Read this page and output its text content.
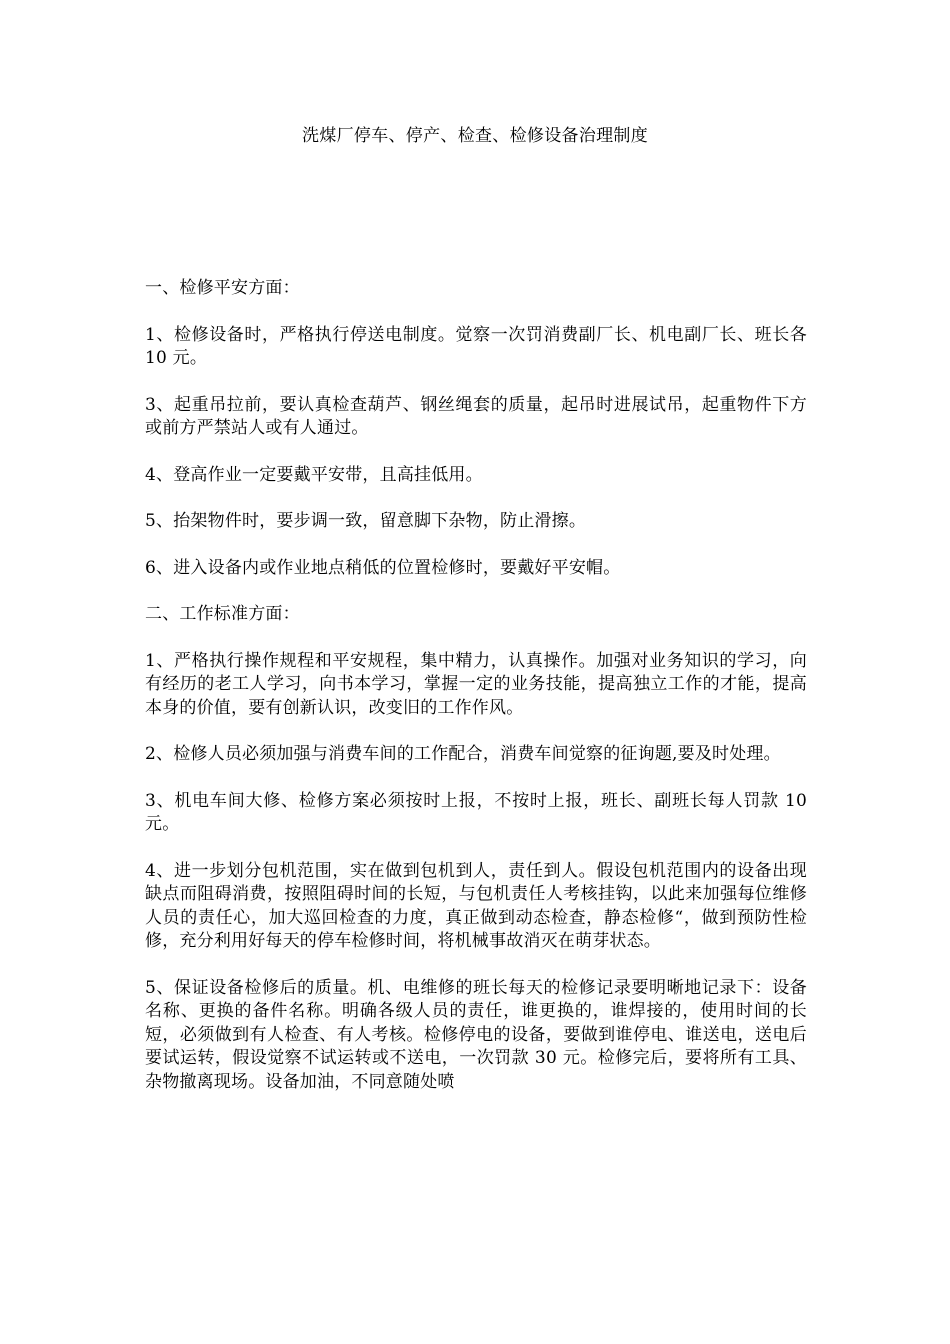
洗煤厂停车、停产、检查、检修设备治理制度

一、检修平安方面：

1、检修设备时，严格执行停送电制度。觉察一次罚消费副厂长、机电副厂长、班长各 10 元。

3、起重吊拉前，要认真检查葫芦、钢丝绳套的质量，起吊时进展试吊，起重物件下方或前方严禁站人或有人通过。

4、登高作业一定要戴平安带，且高挂低用。

5、抬架物件时，要步调一致，留意脚下杂物，防止滑擦。

6、进入设备内或作业地点稍低的位置检修时，要戴好平安帽。

二、工作标准方面：

1、严格执行操作规程和平安规程，集中精力，认真操作。加强对业务知识的学习，向有经历的老工人学习，向书本学习，掌握一定的业务技能，提高独立工作的才能，提高本身的价值，要有创新认识，改变旧的工作作风。

2、检修人员必须加强与消费车间的工作配合，消费车间觉察的征询题,要及时处理。

3、机电车间大修、检修方案必须按时上报，不按时上报，班长、副班长每人罚款 10 元。

4、进一步划分包机范围，实在做到包机到人，责任到人。假设包机范围内的设备出现缺点而阻碍消费，按照阻碍时间的长短，与包机责任人考核挂钩，以此来加强每位维修人员的责任心，加大巡回检查的力度，真正做到动态检查，静态检修“，做到预防性检修，充分利用好每天的停车检修时间，将机械事故消灭在萌芽状态。

5、保证设备检修后的质量。机、电维修的班长每天的检修记录要明晰地记录下：设备名称、更换的备件名称。明确各级人员的责任，谁更换的，谁焊接的，使用时间的长短，必须做到有人检查、有人考核。检修停电的设备，要做到谁停电、谁送电，送电后要试运转，假设觉察不试运转或不送电，一次罚款 30 元。检修完后，要将所有工具、杂物撤离现场。设备加油，不同意随处喷
